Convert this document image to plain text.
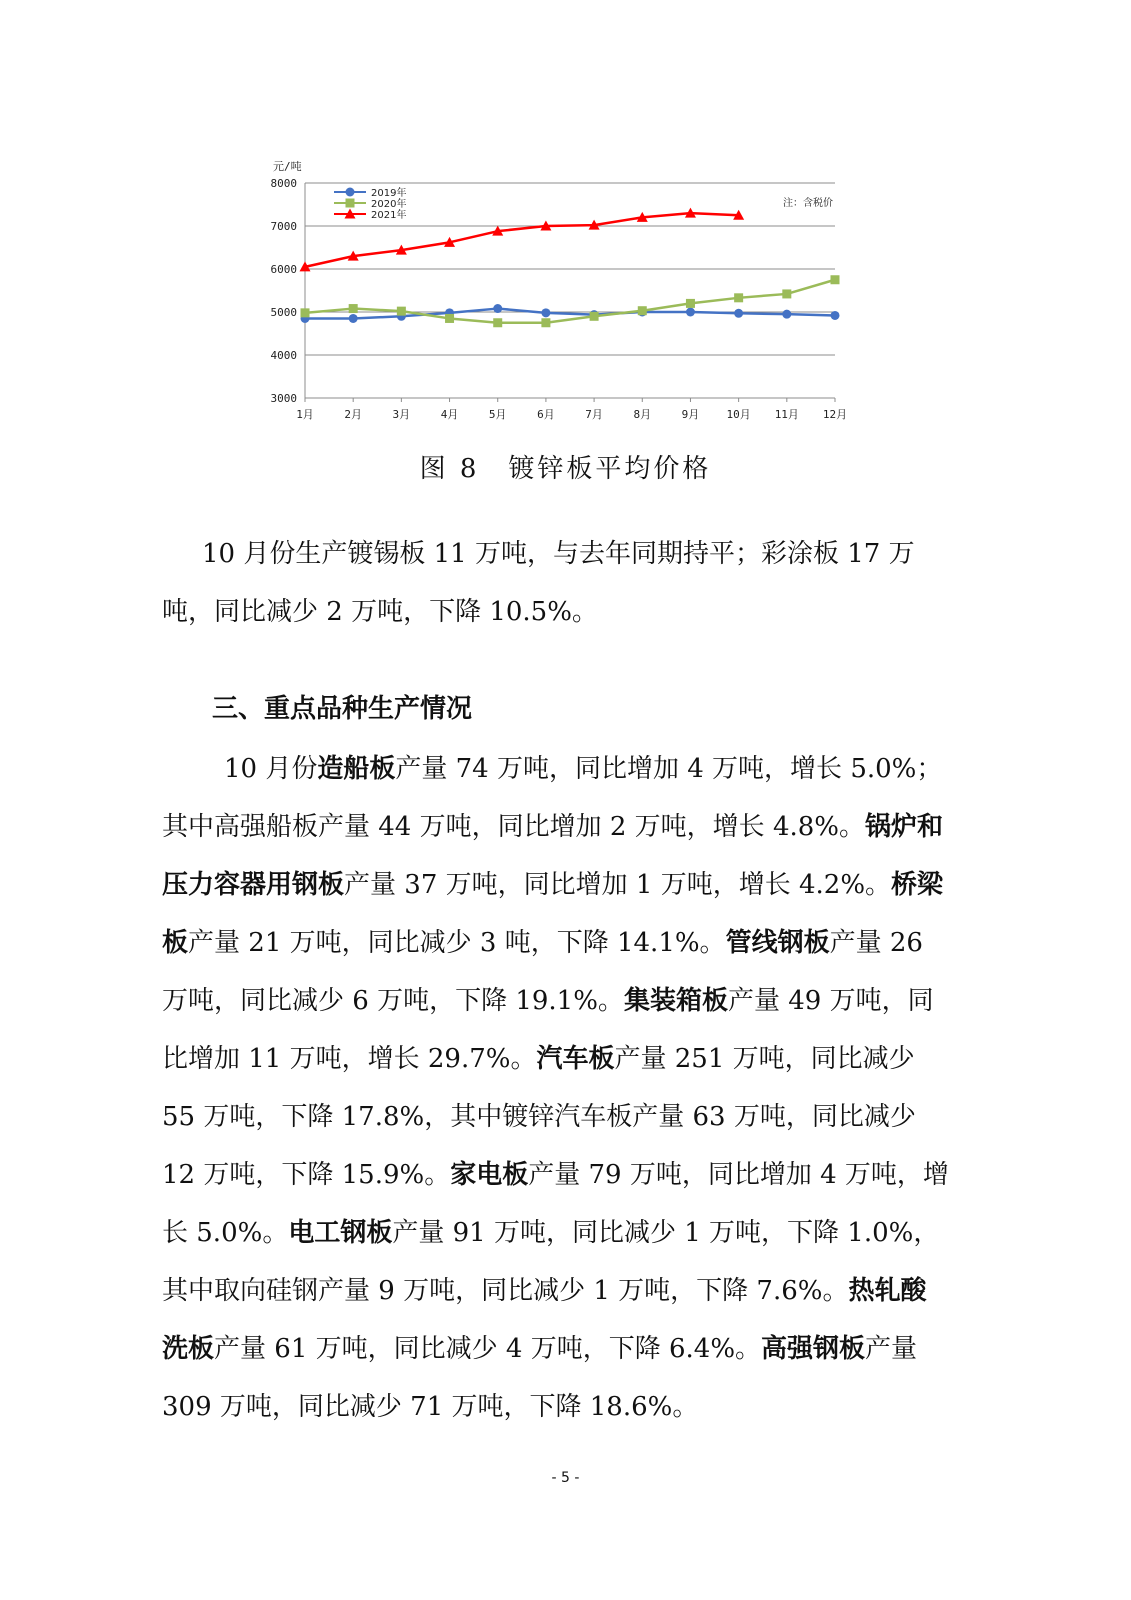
8000
7000
6000
5000
4000
3000
元/吨
1月	2月	3月	4月	5月	6月	7月	8月	9月 10月 11月 12月
注：含税价
2019年
2020年
2021年
图 8　镀锌板平均价格

10 月份生产镀锡板 11 万吨，与去年同期持平；彩涂板 17 万吨，同比减少 2 万吨，下降 10.5%。

三、重点品种生产情况

10 月份造船板产量 74 万吨，同比增加 4 万吨，增长 5.0%；其中高强船板产量 44 万吨，同比增加 2 万吨，增长 4.8%。锅炉和压力容器用钢板产量 37 万吨，同比增加 1 万吨，增长 4.2%。桥梁板产量 21 万吨，同比减少 3 吨，下降 14.1%。管线钢板产量 26 万吨，同比减少 6 万吨，下降 19.1%。集装箱板产量 49 万吨，同比增加 11 万吨，增长 29.7%。汽车板产量 251 万吨，同比减少 55 万吨，下降 17.8%，其中镀锌汽车板产量 63 万吨，同比减少 12 万吨，下降 15.9%。家电板产量 79 万吨，同比增加 4 万吨，增长 5.0%。电工钢板产量 91 万吨，同比减少 1 万吨，下降 1.0%，其中取向硅钢产量 9 万吨，同比减少 1 万吨，下降 7.6%。热轧酸洗板产量 61 万吨，同比减少 4 万吨，下降 6.4%。高强钢板产量 309 万吨，同比减少 71 万吨，下降 18.6%。

- 5 -
